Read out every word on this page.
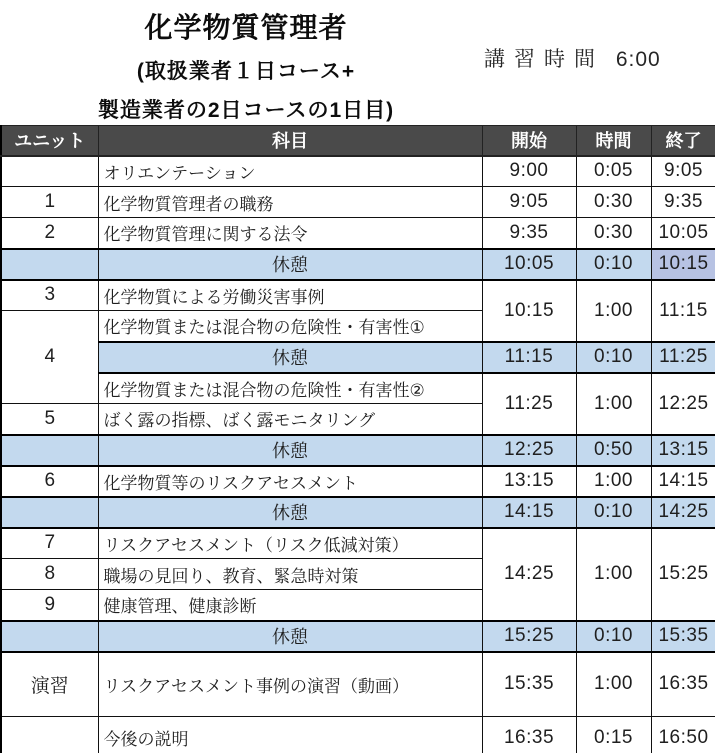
化学物質管理者
(取扱業者１日コース+
製造業者の2日コースの1日目)
講習時間 6:00
ユニット	科目	開始	時間	終了
	オリエンテーション	9:00	0:05	9:05
1	化学物質管理者の職務	9:05	0:30	9:35
2	化学物質管理に関する法令	9:35	0:30	10:05
	休憩	10:05	0:10	10:15
3	化学物質による労働災害事例	10:15	1:00	11:15
4	化学物質または混合物の危険性・有害性①			
	休憩	11:15	0:10	11:25
	化学物質または混合物の危険性・有害性②	11:25	1:00	12:25
5	ばく露の指標、ばく露モニタリング			
	休憩	12:25	0:50	13:15
6	化学物質等のリスクアセスメント	13:15	1:00	14:15
	休憩	14:15	0:10	14:25
7	リスクアセスメント（リスク低減対策）	14:25	1:00	15:25
8	職場の見回り、教育、緊急時対策			
9	健康管理、健康診断			
	休憩	15:25	0:10	15:35
演習	リスクアセスメント事例の演習（動画）	15:35	1:00	16:35
	今後の説明	16:35	0:15	16:50
